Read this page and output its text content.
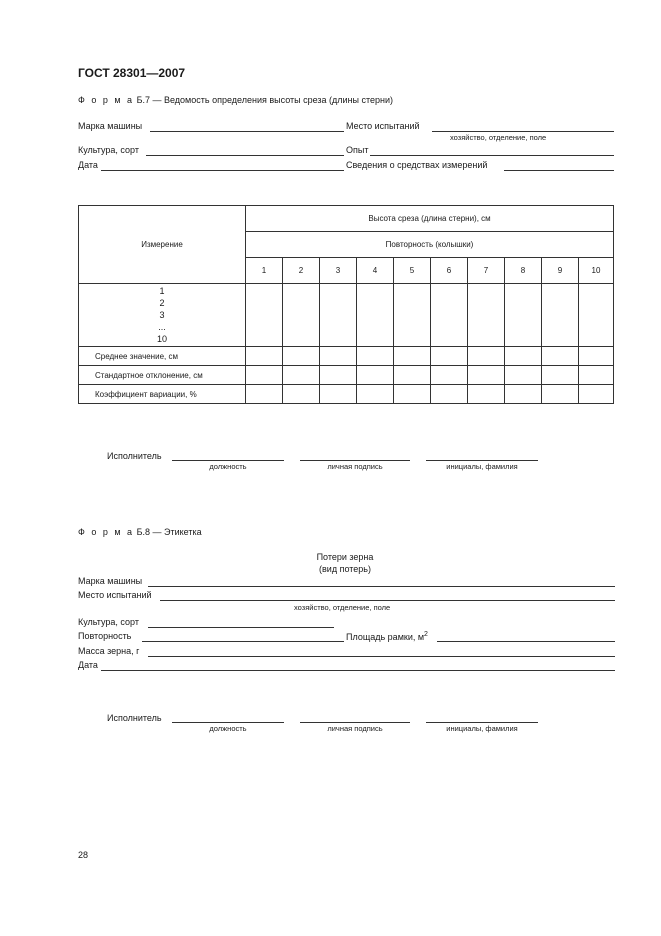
ГОСТ 28301—2007
Ф о р м а Б.7 — Ведомость определения высоты среза (длины стерни)
Марка машины	Место испытаний
хозяйство, отделение, поле
Культура, сорт	Опыт
Дата	Сведения о средствах измерений
Измерение	Высота среза (длина стерни), см									
	Повторность (колышки)									
	1	2	3	4	5	6	7	8	9	10

1
2
3
...
10										

Среднее значение, см										
Стандартное отклонение, см										
Коэффициент вариации, %										
Исполнитель
должность	личная подпись	инициалы, фамилия
Ф о р м а Б.8 — Этикетка
Потери зерна
(вид потерь)
Марка машины
Место испытаний
хозяйство, отделение, поле
Культура, сорт
Повторность	Площадь рамки, $м^2$
Масса зерна, г
Дата
Исполнитель
должность	личная подпись	инициалы, фамилия
28
